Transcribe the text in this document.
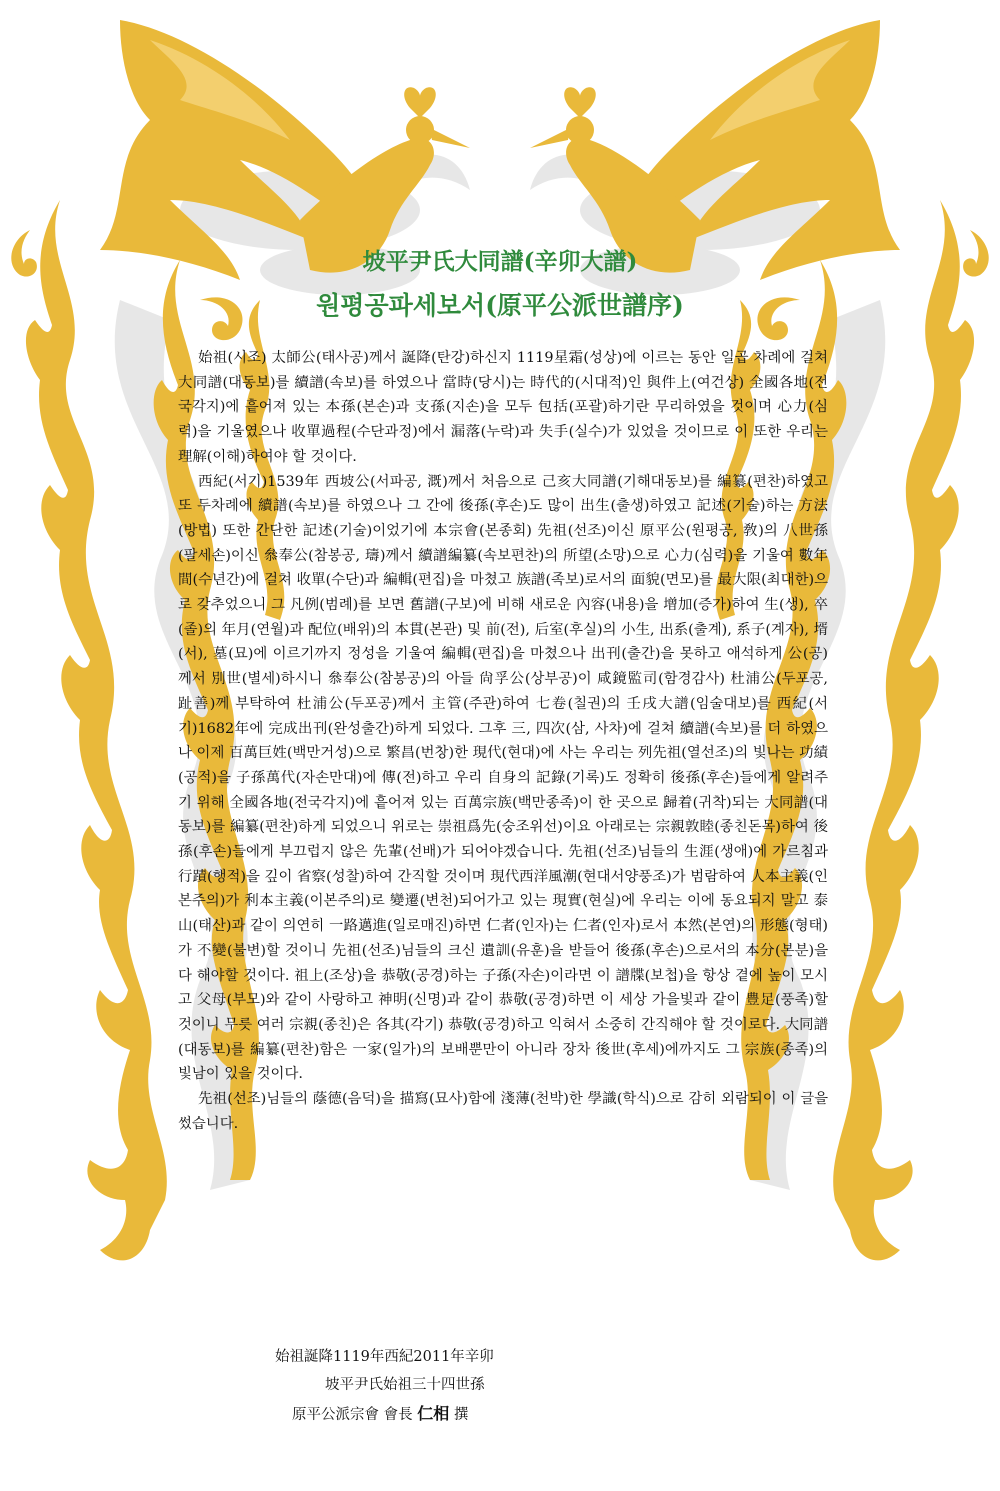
坡平尹氏大同譜(辛卯大譜)
원평공파세보서(原平公派世譜序)

始祖(시조) 太師公(태사공)께서 誕降(탄강)하신지 1119星霜(성상)에 이르는 동안 일곱 차례에 걸쳐 大同譜(대동보)를 續譜(속보)를 하였으나 當時(당시)는 時代的(시대적)인 與件上(여건상) 全國各地(전국각지)에 흩어져 있는 本孫(본손)과 支孫(지손)을 모두 包括(포괄)하기란 무리하였을 것이며 心力(심력)을 기울였으나 收單過程(수단과정)에서 漏落(누락)과 失手(실수)가 있었을 것이므로 이 또한 우리는 理解(이해)하여야 할 것이다.

西紀(서기)1539年 西坡公(서파공, 溉)께서 처음으로 己亥大同譜(기해대동보)를 編纂(편찬)하였고 또 두차례에 續譜(속보)를 하였으나 그 간에 後孫(후손)도 많이 出生(출생)하였고 記述(기술)하는 方法(방법) 또한 간단한 記述(기술)이었기에 本宗會(본종회) 先祖(선조)이신 原平公(원평공, 敎)의 八世孫(팔세손)이신 叅奉公(참봉공, 璹)께서 續譜編纂(속보편찬)의 所望(소망)으로 心力(심력)을 기울여 數年間(수년간)에 걸쳐 收單(수단)과 編輯(편집)을 마쳤고 族譜(족보)로서의 面貌(면모)를 最大限(최대한)으로 갖추었으니 그 凡例(범례)를 보면 舊譜(구보)에 비해 새로운 內容(내용)을 增加(증가)하여 生(생), 卒(졸)의 年月(연월)과 配位(배위)의 本貫(본관) 및 前(전), 后室(후실)의 小生, 出系(출계), 系子(계자), 壻(서), 墓(묘)에 이르기까지 정성을 기울여 編輯(편집)을 마쳤으나 出刊(출간)을 못하고 애석하게 公(공)께서 別世(별세)하시니 叅奉公(참봉공)의 아들 尙孚公(상부공)이 咸鏡監司(함경감사) 杜浦公(두포공, 趾善)께 부탁하여 杜浦公(두포공)께서 主管(주관)하여 七卷(칠권)의 壬戌大譜(임술대보)를 西紀(서기)1682年에 完成出刊(완성출간)하게 되었다. 그후 三, 四次(삼, 사차)에 걸쳐 續譜(속보)를 더 하였으나 이제 百萬巨姓(백만거성)으로 繁昌(번창)한 現代(현대)에 사는 우리는 列先祖(열선조)의 빛나는 功績(공적)을 子孫萬代(자손만대)에 傳(전)하고 우리 自身의 記錄(기록)도 정확히 後孫(후손)들에게 알려주기 위해 全國各地(전국각지)에 흩어져 있는 百萬宗族(백만종족)이 한 곳으로 歸着(귀착)되는 大同譜(대동보)를 編纂(편찬)하게 되었으니 위로는 崇祖爲先(숭조위선)이요 아래로는 宗親敦睦(종친돈목)하여 後孫(후손)들에게 부끄럽지 않은 先輩(선배)가 되어야겠습니다. 先祖(선조)님들의 生涯(생애)에 가르침과 行蹟(행적)을 깊이 省察(성찰)하여 간직할 것이며 現代西洋風潮(현대서양풍조)가 범람하여 人本主義(인본주의)가 利本主義(이본주의)로 變遷(변천)되어가고 있는 現實(현실)에 우리는 이에 동요되지 말고 泰山(태산)과 같이 의연히 一路邁進(일로매진)하면 仁者(인자)는 仁者(인자)로서 本然(본연)의 形態(형태)가 不變(불변)할 것이니 先祖(선조)님들의 크신 遺訓(유훈)을 받들어 後孫(후손)으로서의 本分(본분)을 다 해야할 것이다. 祖上(조상)을 恭敬(공경)하는 子孫(자손)이라면 이 譜牒(보첩)을 항상 곁에 높이 모시고 父母(부모)와 같이 사랑하고 神明(신명)과 같이 恭敬(공경)하면 이 세상 가을빛과 같이 豊足(풍족)할 것이니 무릇 여러 宗親(종친)은 各其(각기) 恭敬(공경)하고 익혀서 소중히 간직해야 할 것이로다. 大同譜(대동보)를 編纂(편찬)함은 一家(일가)의 보배뿐만이 아니라 장차 後世(후세)에까지도 그 宗族(종족)의 빛남이 있을 것이다.

先祖(선조)님들의 蔭德(음덕)을 描寫(묘사)함에 淺薄(천박)한 學識(학식)으로 감히 외람되이 이 글을 썼습니다.

始祖誕降1119年西紀2011年辛卯
坡平尹氏始祖三十四世孫
原平公派宗會 會長 仁相 撰
